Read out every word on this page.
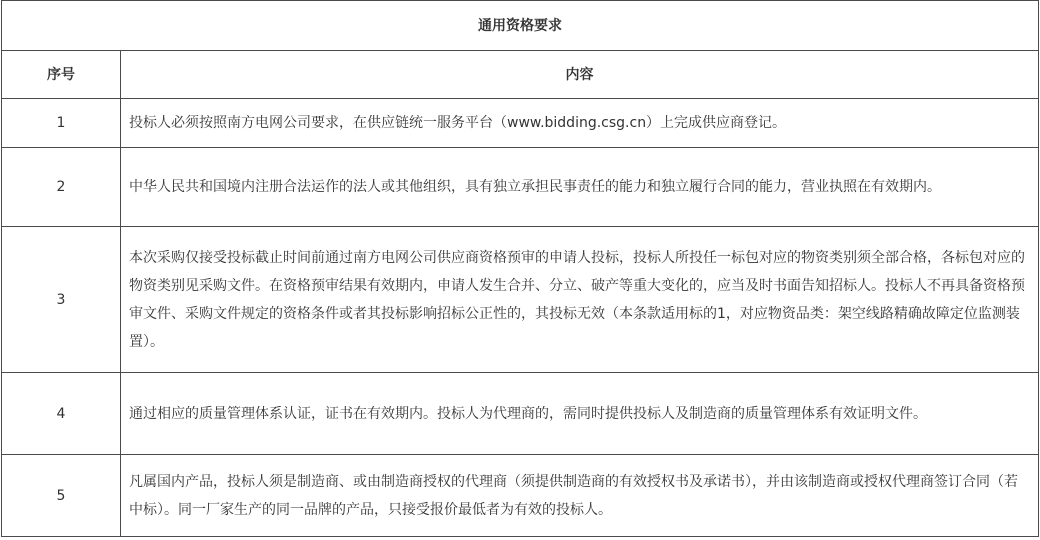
通用资格要求	
序号	内容
1	投标人必须按照南方电网公司要求，在供应链统一服务平台（www.bidding.csg.cn）上完成供应商登记。
2	中华人民共和国境内注册合法运作的法人或其他组织，具有独立承担民事责任的能力和独立履行合同的能力，营业执照在有效期内。
3	本次采购仅接受投标截止时间前通过南方电网公司供应商资格预审的申请人投标，投标人所投任一标包对应的物资类别须全部合格，各标包对应的物资类别见采购文件。在资格预审结果有效期内，申请人发生合并、分立、破产等重大变化的，应当及时书面告知招标人。投标人不再具备资格预审文件、采购文件规定的资格条件或者其投标影响招标公正性的，其投标无效（本条款适用标的1，对应物资品类：架空线路精确故障定位监测装置）。
4	通过相应的质量管理体系认证，证书在有效期内。投标人为代理商的，需同时提供投标人及制造商的质量管理体系有效证明文件。
5	凡属国内产品，投标人须是制造商、或由制造商授权的代理商（须提供制造商的有效授权书及承诺书），并由该制造商或授权代理商签订合同（若中标）。同一厂家生产的同一品牌的产品，只接受报价最低者为有效的投标人。
